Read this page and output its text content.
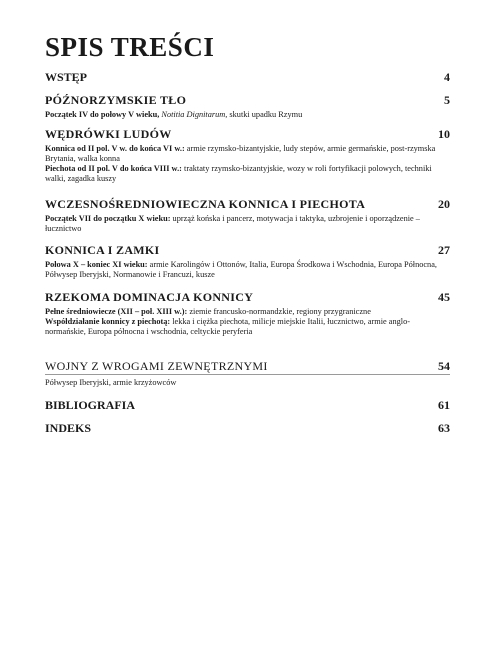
SPIS TREŚCI
WSTĘP	4
PÓŹNORZYMSKIE TŁO	5
Początek IV do połowy V wieku, Notitia Dignitarum, skutki upadku Rzymu
WĘDRÓWKI LUDÓW	10
Konnica od II pol. V w. do końca VI w.: armie rzymsko-bizantyjskie, ludy stepów, armie germańskie, post-rzymska Brytania, walka konna
Piechota od II pol. V do końca VIII w.: traktaty rzymsko-bizantyjskie, wozy w roli fortyfikacji polowych, techniki walki, zagadka kuszy
WCZESNOŚREDNIOWIECZNA KONNICA I PIECHOTA	20
Początek VII do początku X wieku: uprząż końska i pancerz, motywacja i taktyka, uzbrojenie i oporządzenie – łucznictwo
KONNICA I ZAMKI	27
Połowa X – koniec XI wieku: armie Karolingów i Ottonów, Italia, Europa Środkowa i Wschodnia, Europa Północna, Półwysep Iberyjski, Normanowie i Francuzi, kusze
RZEKOMA DOMINACJA KONNICY	45
Pełne średniowiecze (XII – poł. XIII w.): ziemie francusko-normandzkie, regiony przygraniczne
Współdziałanie konnicy z piechotą: lekka i ciężka piechota, milicje miejskie Italii, łucznictwo, armie anglo-normańskie, Europa północna i wschodnia, celtyckie peryferia
WOJNY Z WROGAMI ZEWNĘTRZNYMI	54
Półwysep Iberyjski, armie krzyżowców
BIBLIOGRAFIA	61
INDEKS	63
